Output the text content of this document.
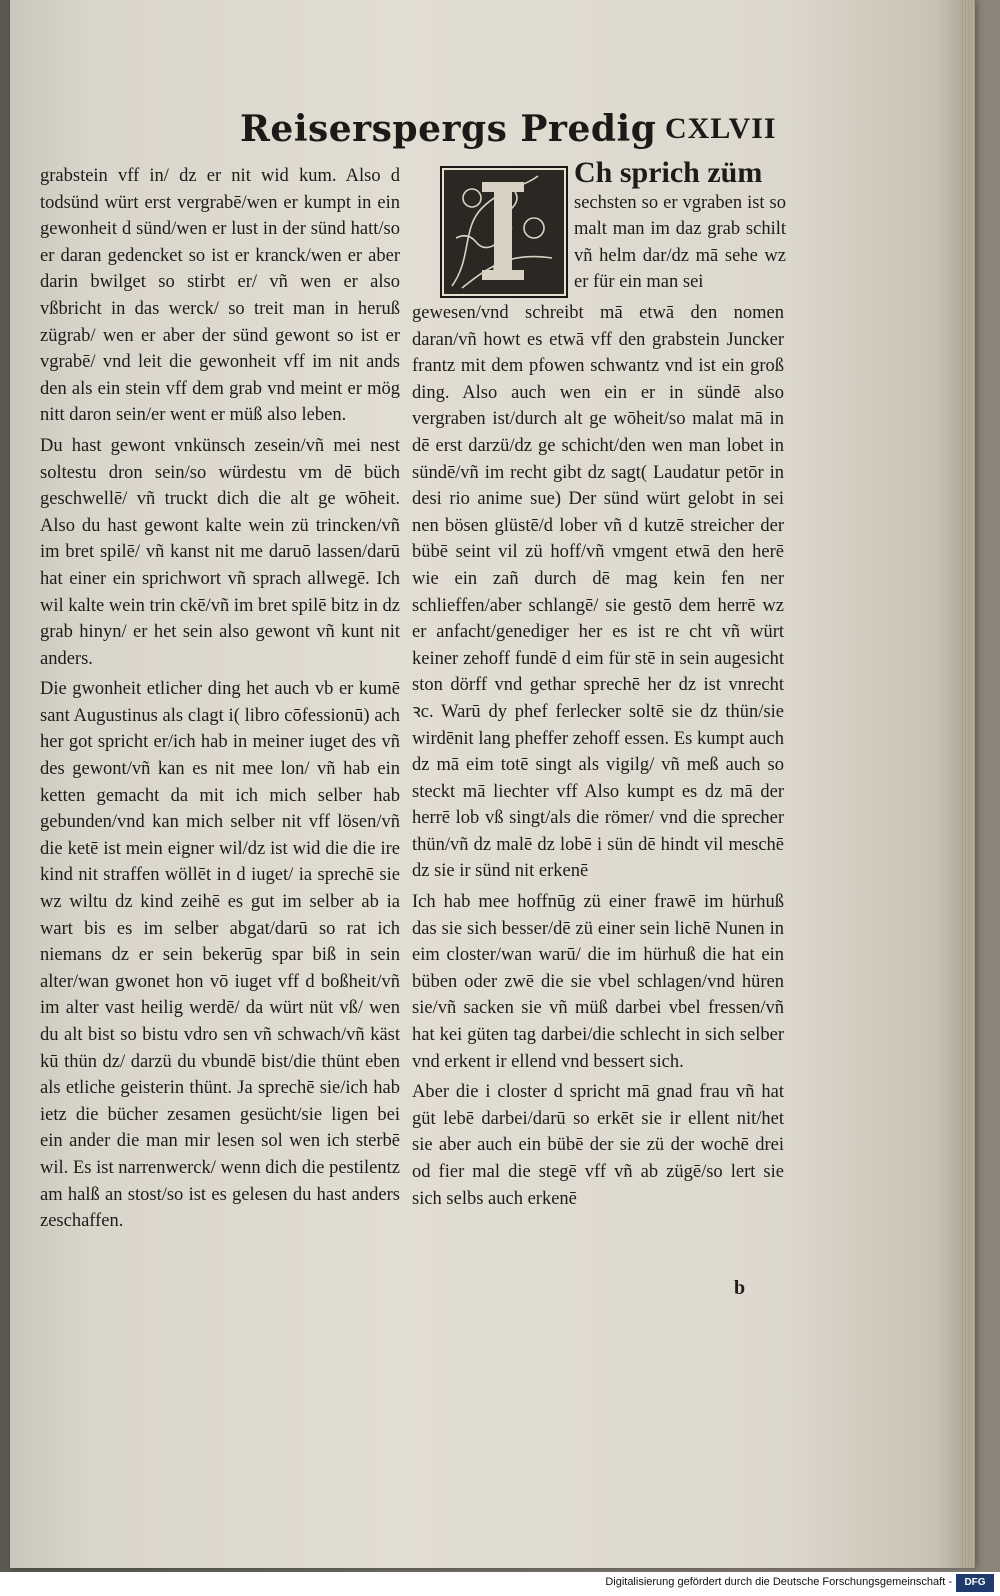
Reiserspergs Predig CXLVII

grabstein vff in/ dz er nit wid kum. Also d todsünd würt erst vergrabē/wen er kumpt in ein gewonheit d sünd/wen er lust in der sünd hatt/so er daran gedencket so ist er kranck/wen er aber darin bwilget so stirbt er/ vñ wen er also vßbricht in das werck/ so treit man in heruß zügrab/ wen er aber der sünd gewont so ist er vgrabē/ vnd leit die gewonheit vff im nit ands den als ein stein vff dem grab vnd meint er mög nitt daron sein/er went er müß also leben.

Du hast gewont vnkünsch zesein/vñ mei nest soltestu dron sein/so würdestu vm dē büch geschwellē/ vñ truckt dich die alt ge wōheit. Also du hast gewont kalte wein zü trincken/vñ im bret spilē/ vñ kanst nit me daruō lassen/darū hat einer ein sprichwort vñ sprach allwegē. Ich wil kalte wein trin ckē/vñ im bret spilē bitz in dz grab hinyn/ er het sein also gewont vñ kunt nit anders.

Die gwonheit etlicher ding het auch vb er kumē sant Augustinus als clagt i( libro cōfessionū) ach her got spricht er/ich hab in meiner iuget des vñ des gewont/vñ kan es nit mee lon/ vñ hab ein ketten gemacht da mit ich mich selber hab gebunden/vnd kan mich selber nit vff lösen/vñ die ketē ist mein eigner wil/dz ist wid die die ire kind nit straffen wöllēt in d iuget/ ia sprechē sie wz wiltu dz kind zeihē es gut im selber ab ia wart bis es im selber abgat/darū so rat ich niemans dz er sein bekerūg spar biß in sein alter/wan gwonet hon vō iuget vff d boßheit/vñ im alter vast heilig werdē/ da würt nüt vß/ wen du alt bist so bistu vdro sen vñ schwach/vñ käst kū thün dz/ darzü du vbundē bist/die thünt eben als etliche geisterin thünt. Ja sprechē sie/ich hab ietz die bücher zesamen gesücht/sie ligen bei ein ander die man mir lesen sol wen ich sterbē wil. Es ist narrenwerck/ wenn dich die pestilentz am halß an stost/so ist es gelesen du hast anders zeschaffen.

Ch sprich züm
sechsten so er vgraben ist so malt man im daz grab schilt vñ helm dar/dz mā sehe wz er für ein man sei

gewesen/vnd schreibt mā etwā den nomen daran/vñ howt es etwā vff den grabstein Juncker frantz mit dem pfowen schwantz vnd ist ein groß ding. Also auch wen ein er in sündē also vergraben ist/durch alt ge wōheit/so malat mā in dē erst darzü/dz ge schicht/den wen man lobet in sündē/vñ im recht gibt dz sagt( Laudatur petōr in desi rio anime sue) Der sünd würt gelobt in sei nen bösen glüstē/d lober vñ d kutzē streicher der bübē seint vil zü hoff/vñ vmgent etwā den herē wie ein zañ durch dē mag kein fen ner schlieffen/aber schlangē/ sie gestō dem herrē wz er anfacht/genediger her es ist re cht vñ würt keiner zehoff fundē d eim für stē in sein augesicht ston dörff vnd gethar sprechē her dz ist vnrecht ꝛc. Warū dy phef ferlecker soltē sie dz thün/sie wirdēnit lang pheffer zehoff essen. Es kumpt auch dz mā eim totē singt als vigilg/ vñ meß auch so steckt mā liechter vff Also kumpt es dz mā der herrē lob vß singt/als die römer/ vnd die sprecher thün/vñ dz malē dz lobē i sün dē hindt vil meschē dz sie ir sünd nit erkenē

Ich hab mee hoffnūg zü einer frawē im hürhuß das sie sich besser/dē zü einer sein lichē Nunen in eim closter/wan warū/ die im hürhuß die hat ein büben oder zwē die sie vbel schlagen/vnd hüren sie/vñ sacken sie vñ müß darbei vbel fressen/vñ hat kei güten tag darbei/die schlecht in sich selber vnd erkent ir ellend vnd bessert sich.

Aber die i closter d spricht mā gnad frau vñ hat güt lebē darbei/darū so erkēt sie ir ellent nit/het sie aber auch ein bübē der sie zü der wochē drei od fier mal die stegē vff vñ ab zügē/so lert sie sich selbs auch erkenē

b
Digitalisierung gefördert durch die Deutsche Forschungsgemeinschaft -	DFG
